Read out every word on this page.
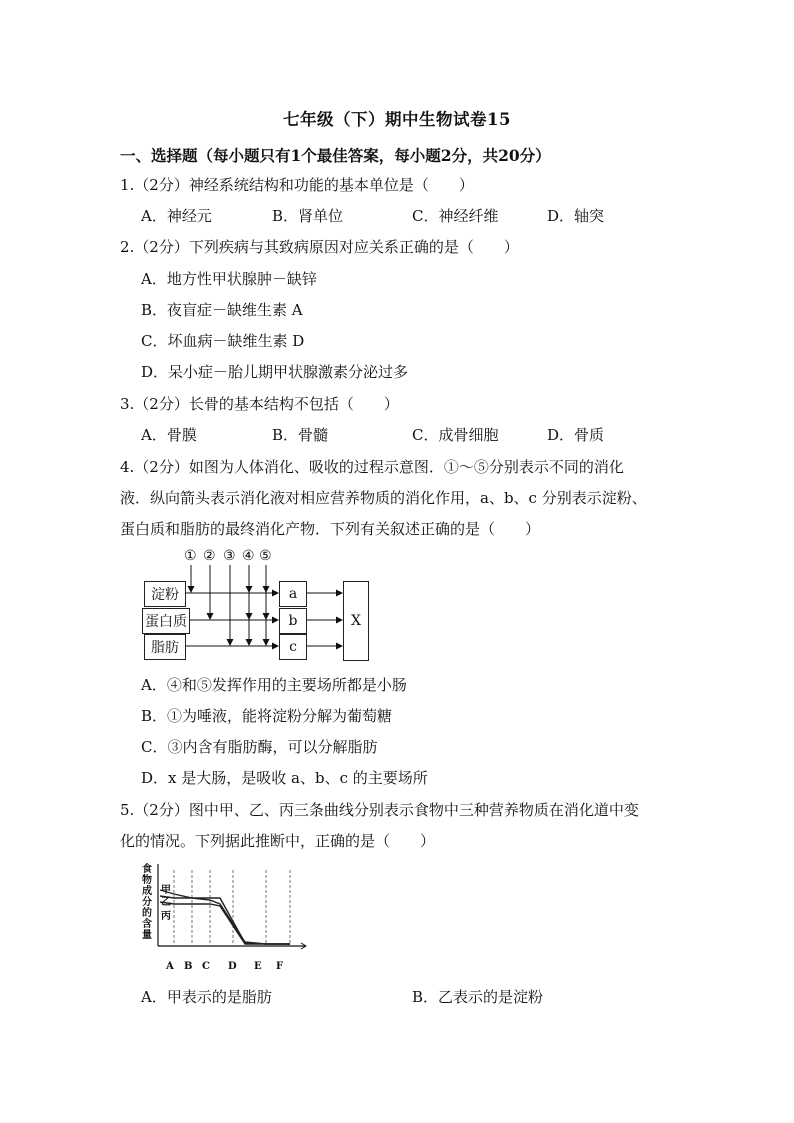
七年级（下）期中生物试卷15
一、选择题（每小题只有1个最佳答案，每小题2分，共20分）
1.（2分）神经系统结构和功能的基本单位是（　　）
A．神经元	B．肾单位	C．神经纤维	D．轴突
2.（2分）下列疾病与其致病原因对应关系正确的是（　　）
A．地方性甲状腺肿－缺锌
B．夜盲症－缺维生素 A
C．坏血病－缺维生素 D
D．呆小症－胎儿期甲状腺激素分泌过多
3.（2分）长骨的基本结构不包括（　　）
A．骨膜	B．骨髓	C．成骨细胞	D．骨质
4.（2分）如图为人体消化、吸收的过程示意图．①～⑤分别表示不同的消化
液．纵向箭头表示消化液对相应营养物质的消化作用，a、b、c 分别表示淀粉、
蛋白质和脂肪的最终消化产物．下列有关叙述正确的是（　　）
① ② ③ ④ ⑤
淀粉
蛋白质
脂肪
a
b
c
X
A．④和⑤发挥作用的主要场所都是小肠
B．①为唾液，能将淀粉分解为葡萄糖
C．③内含有脂肪酶，可以分解脂肪
D．x 是大肠，是吸收 a、b、c 的主要场所
5.（2分）图中甲、乙、丙三条曲线分别表示食物中三种营养物质在消化道中变
化的情况。下列据此推断中，正确的是（　　）
食物成分的含量
甲
乙
丙
A B C D E F
A．甲表示的是脂肪	B．乙表示的是淀粉
